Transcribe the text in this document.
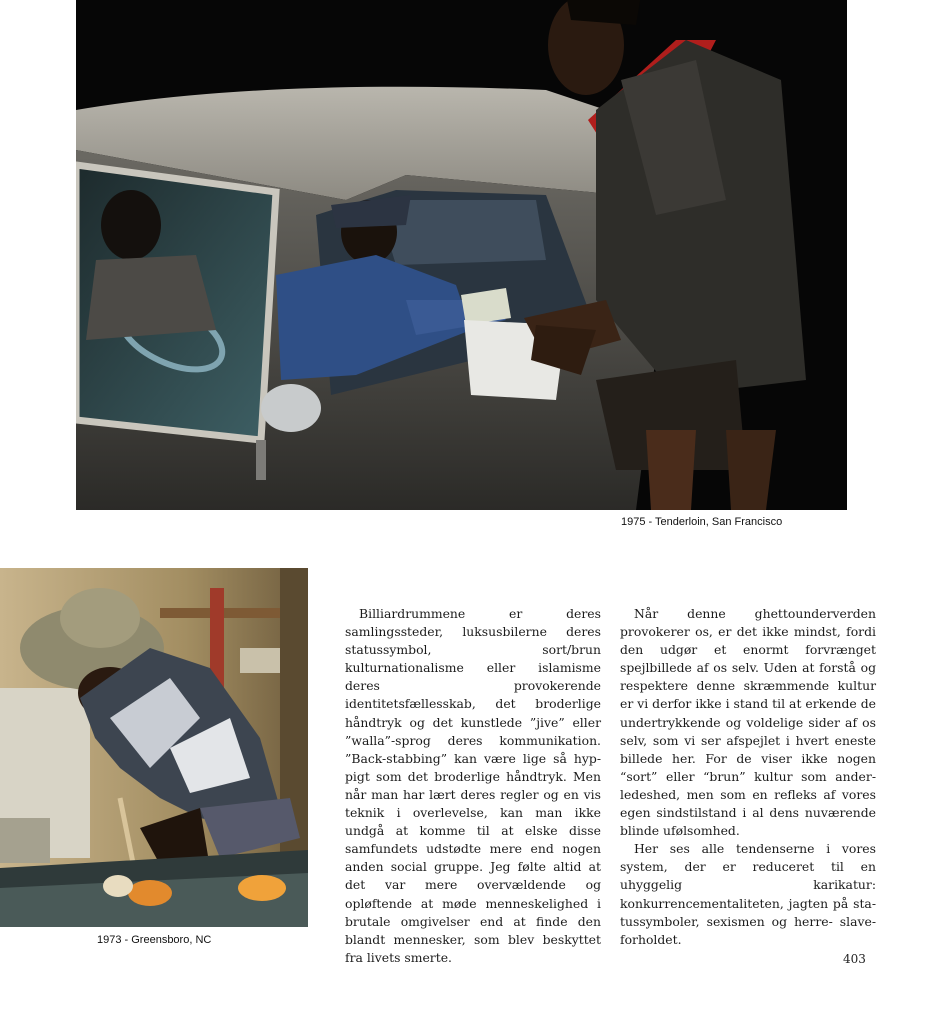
1975 - Tenderloin, San Francisco
1973 - Greensboro, NC

Billiardrummene er deres samlingssteder, luksusbilerne deres statussymbol, sort/brun kulturnationalisme eller islamisme deres provokerende identitetsfællesskab, det broderlige håndtryk og det kunstlede ”jive” eller ”walla”-sprog deres kommunikation. ”Back-stabbing” kan være lige så hyppigt som det broderlige håndtryk. Men når man har lært deres regler og en vis teknik i overlevelse, kan man ikke undgå at komme til at elske disse samfundets udstødte mere end nogen anden social gruppe. Jeg følte altid at det var mere overvældende og opløftende at møde menneskelighed i brutale omgivelser end at finde den blandt mennesker, som blev beskyttet fra livets smerte.

Når denne ghettounderverden provokerer os, er det ikke mindst, fordi den udgør et enormt forvrænget spejlbillede af os selv. Uden at forstå og respektere denne skræmmende kultur er vi derfor ikke i stand til at erkende de undertrykkende og voldelige sider af os selv, som vi ser afspejlet i hvert eneste billede her. For de viser ikke nogen “sort” eller “brun” kultur som anderledeshed, men som en refleks af vores egen sindstilstand i al dens nuværende blinde ufølsomhed.

Her ses alle tendenserne i vores system, der er reduceret til en uhyggelig karikatur: konkurrencementaliteten, jagten på statussymboler, sexismen og herre- slaveforholdet.

403
